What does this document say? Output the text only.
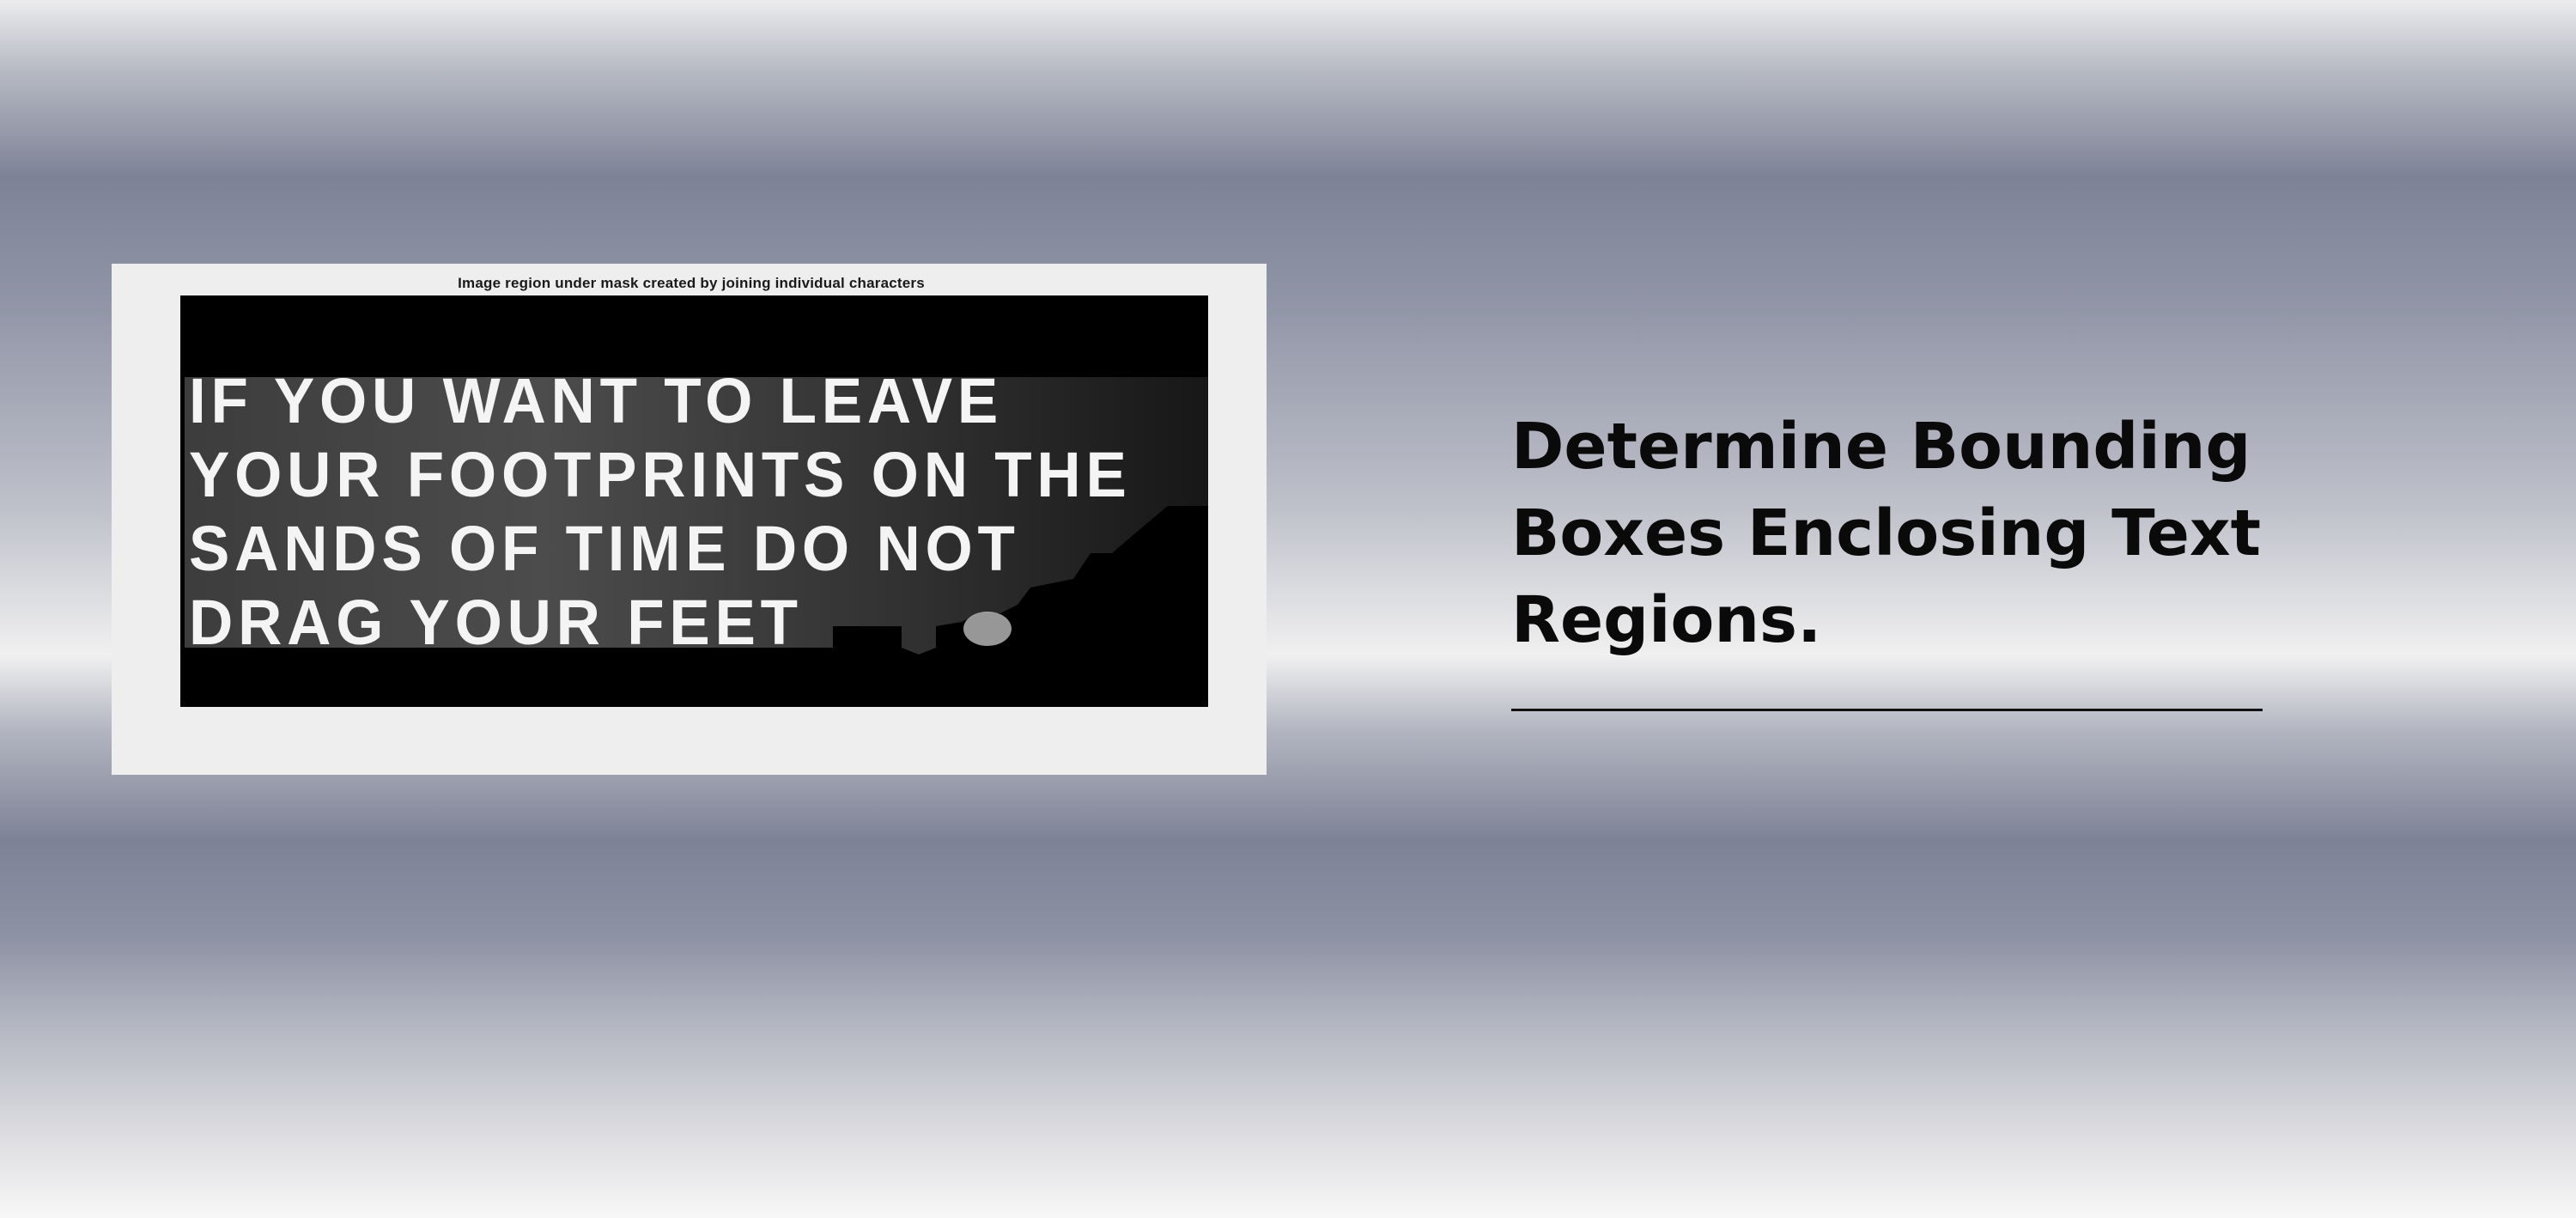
Image region under mask created by joining individual characters
IF YOU WANT TO LEAVE
YOUR FOOTPRINTS ON THE
SANDS OF TIME DO NOT
DRAG YOUR FEET
Determine Bounding Boxes Enclosing Text Regions.
